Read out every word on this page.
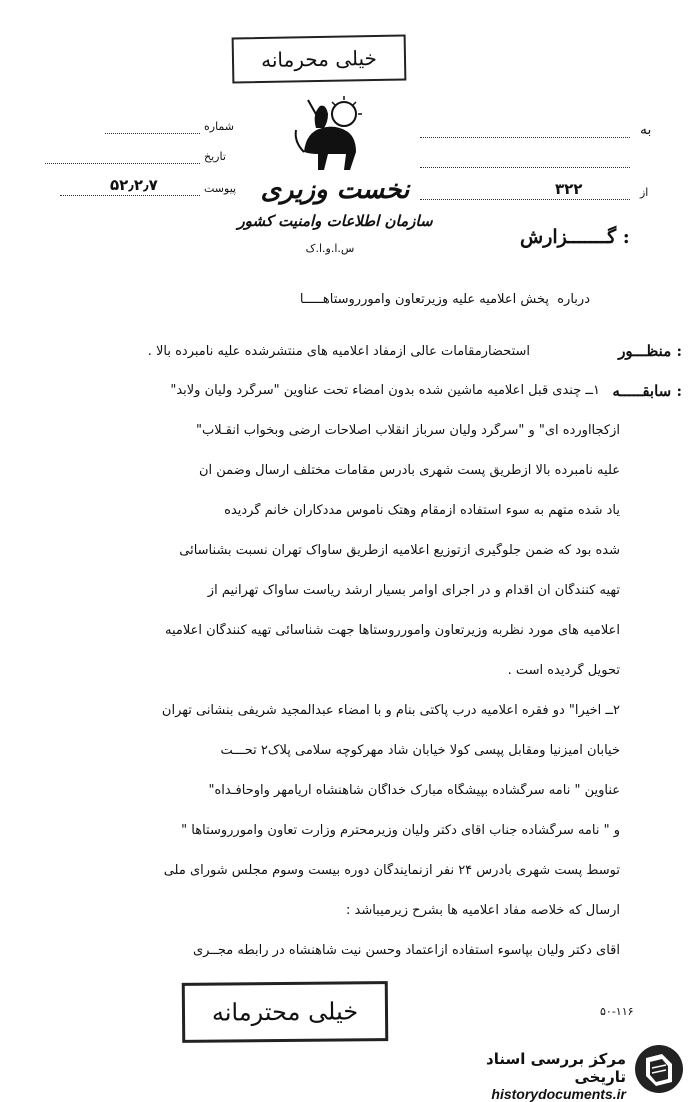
خیلی محرمانه
نخست وزیری
سازمان اطلاعات وامنیت کشور
س.ا.و.ا.ک
شماره
تاریخ
پیوست
۵۲٫۲٫۷
به
از
۳۲۲
گـــــــزارش :
درباره  پخش اعلامیه علیه وزیرتعاون وامورروستاهـــــا
منظـــور :
سابقـــــه :
استحضارمقامات عالی ازمفاد اعلامیه های منتشرشده علیه نامبرده بالا .
۱ــ چندی قبل اعلامیه ماشین شده بدون امضاء تحت عناوین "سرگرد ولیان ولابد"
ازکجاآورده ای" و "سرگرد ولیان سرباز انقلاب اصلاحات ارضی وبخواب انقـلاب"
علیه نامبرده بالا ازطریق پست شهری بآدرس مقامات مختلف ارسال وضمن آن
یاد شده متهم به سوء استفاده ازمقام وهتک ناموس مددکاران خانم گردیده
شده بود که ضمن جلوگیری ازتوزیع اعلامیه ازطریق ساواک تهران نسبت بشناسائی
تهیه کنندگان آن اقدام و در اجرای اوامر بسیار ارشد ریاست ساواک تهرانیم از
اعلامیه های مورد نظربه وزیرتعاون وامورروستاها جهت شناسائی تهیه کنندگان اعلامیه
تحویل گردیده است .
۲ــ اخیرا" دو فقره اعلامیه درب پاکتی بنام و با امضاء عبدالمجید شریفی بنشانی تهران
خیابان آمیزنیا ومقابل پپسی کولا خیابان شاد مهرکوچه سلامی پلاک۲ تحـــت
عناوین " نامه سرگشاده بپیشگاه مبارک خداگان شاهنشاه آریامهر واوحافـداه"
و " نامه سرگشاده جناب آقای دکتر ولیان وزیرمحترم وزارت تعاون وامورروستاها "
توسط پست شهری بآدرس ۲۴ نفر ازنمایندگان دوره بیست وسوم مجلس شورای ملی
ارسال که خلاصه مفاد اعلامیه ها بشرح زیرمیباشد :
آقای دکتر ولیان بپاسوء استفاده ازاعتماد وحسن نیت شاهنشاه در رابطه مجــری
خیلی محترمانه	۵۰-۱۱۶
مرکز بررسی اسناد تاریخی
historydocuments.ir
